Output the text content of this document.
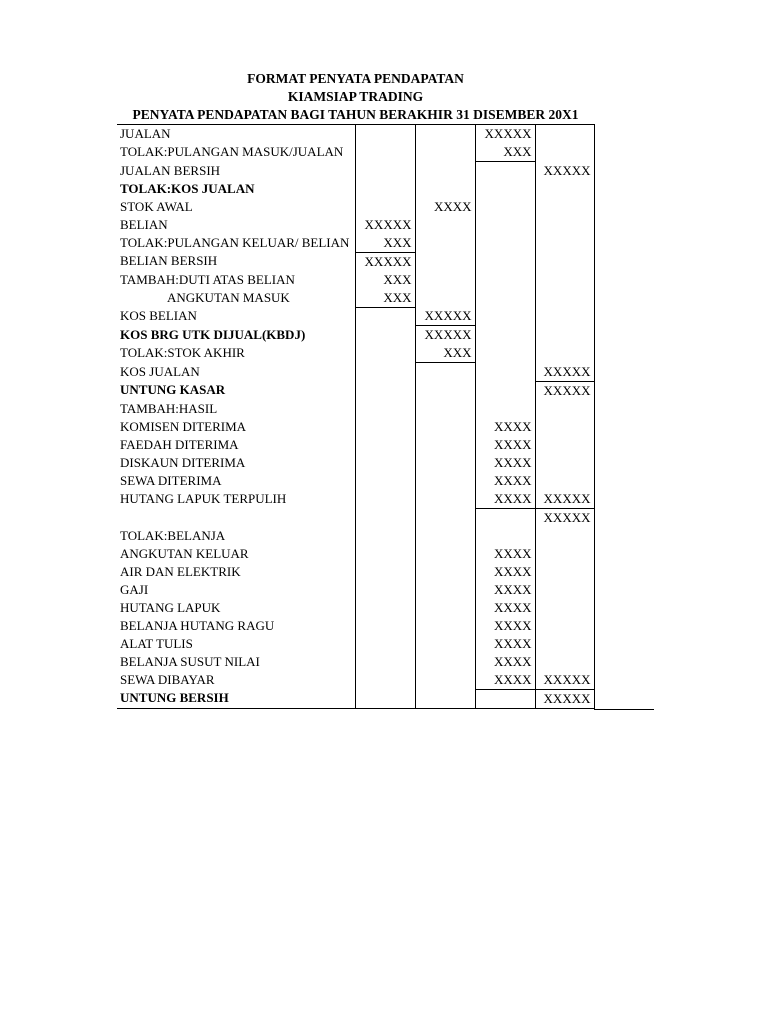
FORMAT PENYATA PENDAPATAN
KIAMSIAP TRADING
PENYATA PENDAPATAN BAGI TAHUN BERAKHIR 31 DISEMBER 20X1
JUALAN			XXXXX	
TOLAK:PULANGAN MASUK/JUALAN			XXX	
JUALAN BERSIH				XXXXX
TOLAK:KOS JUALAN				
STOK AWAL		XXXX		
BELIAN	XXXXX			
TOLAK:PULANGAN KELUAR/ BELIAN	XXX			
BELIAN BERSIH	XXXXX			
TAMBAH:DUTI ATAS BELIAN	XXX			
ANGKUTAN MASUK	XXX			
KOS BELIAN		XXXXX		
KOS BRG UTK DIJUAL(KBDJ)		XXXXX		
TOLAK:STOK AKHIR		XXX		
KOS JUALAN				XXXXX
UNTUNG KASAR				XXXXX
TAMBAH:HASIL				
KOMISEN DITERIMA			XXXX	
FAEDAH DITERIMA			XXXX	
DISKAUN DITERIMA			XXXX	
SEWA DITERIMA			XXXX	
HUTANG LAPUK TERPULIH			XXXX	XXXXX
				XXXXX
TOLAK:BELANJA				
ANGKUTAN KELUAR			XXXX	
AIR DAN ELEKTRIK			XXXX	
GAJI			XXXX	
HUTANG LAPUK			XXXX	
BELANJA HUTANG RAGU			XXXX	
ALAT TULIS			XXXX	
BELANJA SUSUT NILAI			XXXX	
SEWA DIBAYAR			XXXX	XXXXX
UNTUNG BERSIH				XXXXX
